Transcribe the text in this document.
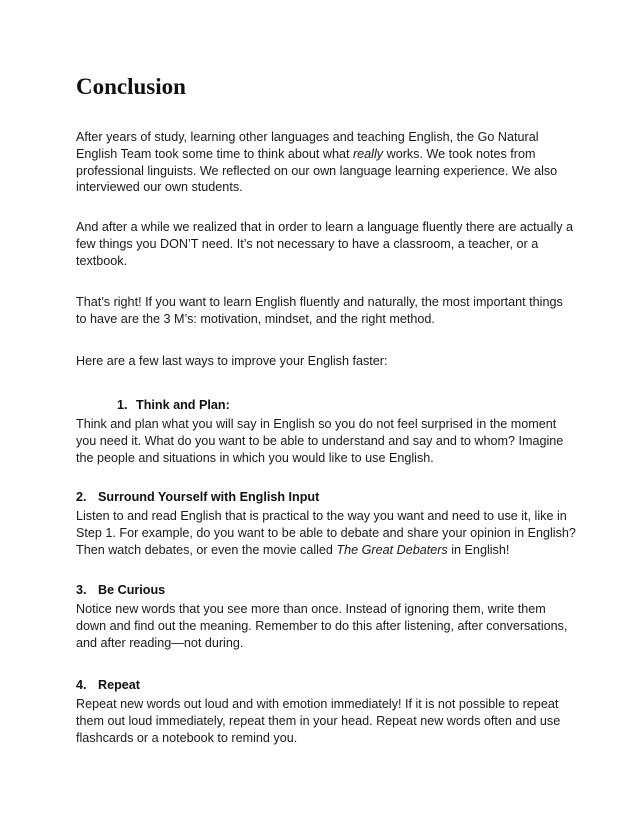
Conclusion

After years of study, learning other languages and teaching English, the Go Natural English Team took some time to think about what really works. We took notes from professional linguists. We reflected on our own language learning experience. We also interviewed our own students.

And after a while we realized that in order to learn a language fluently there are actually a few things you DON’T need. It’s not necessary to have a classroom, a teacher, or a textbook.

That’s right! If you want to learn English fluently and naturally, the most important things to have are the 3 M’s: motivation, mindset, and the right method.

Here are a few last ways to improve your English faster:

1. Think and Plan:

Think and plan what you will say in English so you do not feel surprised in the moment you need it. What do you want to be able to understand and say and to whom? Imagine the people and situations in which you would like to use English.

2. Surround Yourself with English Input

Listen to and read English that is practical to the way you want and need to use it, like in Step 1. For example, do you want to be able to debate and share your opinion in English? Then watch debates, or even the movie called The Great Debaters in English!

3. Be Curious

Notice new words that you see more than once. Instead of ignoring them, write them down and find out the meaning. Remember to do this after listening, after conversations, and after reading—not during.

4. Repeat

Repeat new words out loud and with emotion immediately! If it is not possible to repeat them out loud immediately, repeat them in your head. Repeat new words often and use flashcards or a notebook to remind you.
